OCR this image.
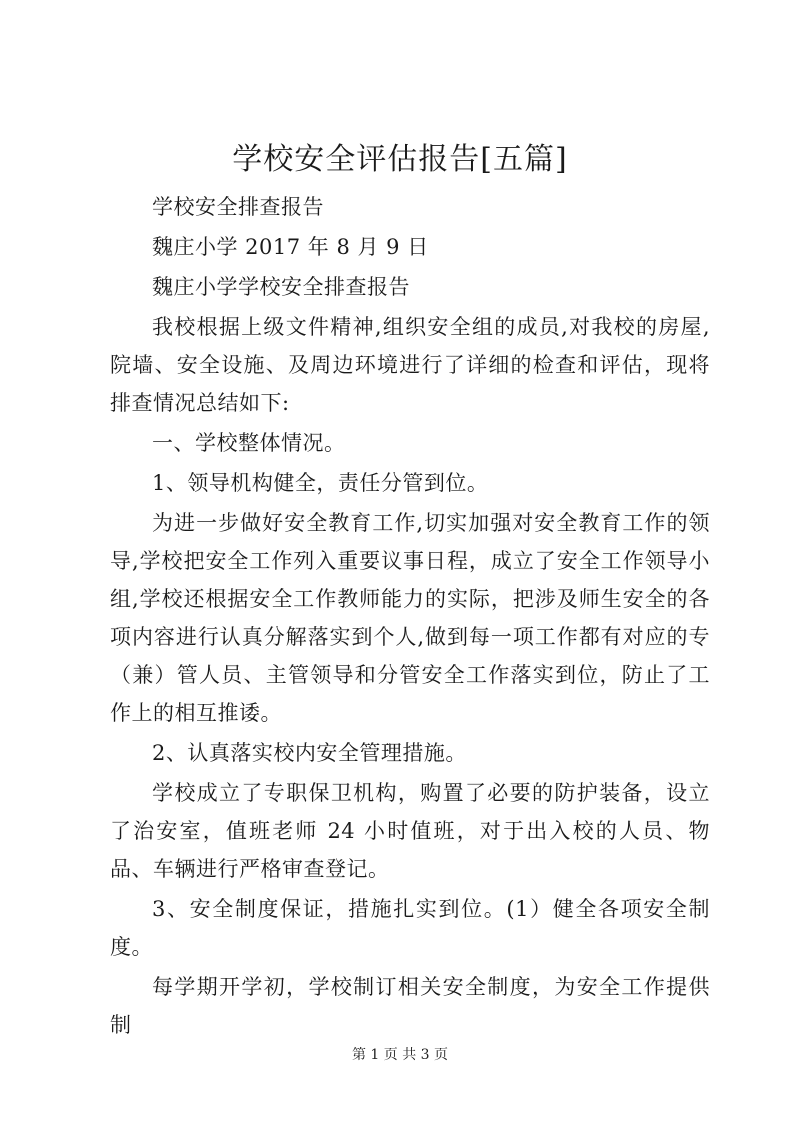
学校安全评估报告[五篇]

学校安全排查报告

魏庄小学 2017 年 8 月 9 日

魏庄小学学校安全排查报告

我校根据上级文件精神,组织安全组的成员,对我校的房屋,院墙、安全设施、及周边环境进行了详细的检查和评估，现将排查情况总结如下:

一、学校整体情况。

1、领导机构健全，责任分管到位。

为进一步做好安全教育工作,切实加强对安全教育工作的领导,学校把安全工作列入重要议事日程，成立了安全工作领导小组,学校还根据安全工作教师能力的实际，把涉及师生安全的各项内容进行认真分解落实到个人,做到每一项工作都有对应的专（兼）管人员、主管领导和分管安全工作落实到位，防止了工作上的相互推诿。

2、认真落实校内安全管理措施。

学校成立了专职保卫机构，购置了必要的防护装备，设立了治安室，值班老师 24 小时值班，对于出入校的人员、物品、车辆进行严格审查登记。

3、安全制度保证，措施扎实到位。(1）健全各项安全制度。

每学期开学初，学校制订相关安全制度，为安全工作提供制

第 1 页 共 3 页
